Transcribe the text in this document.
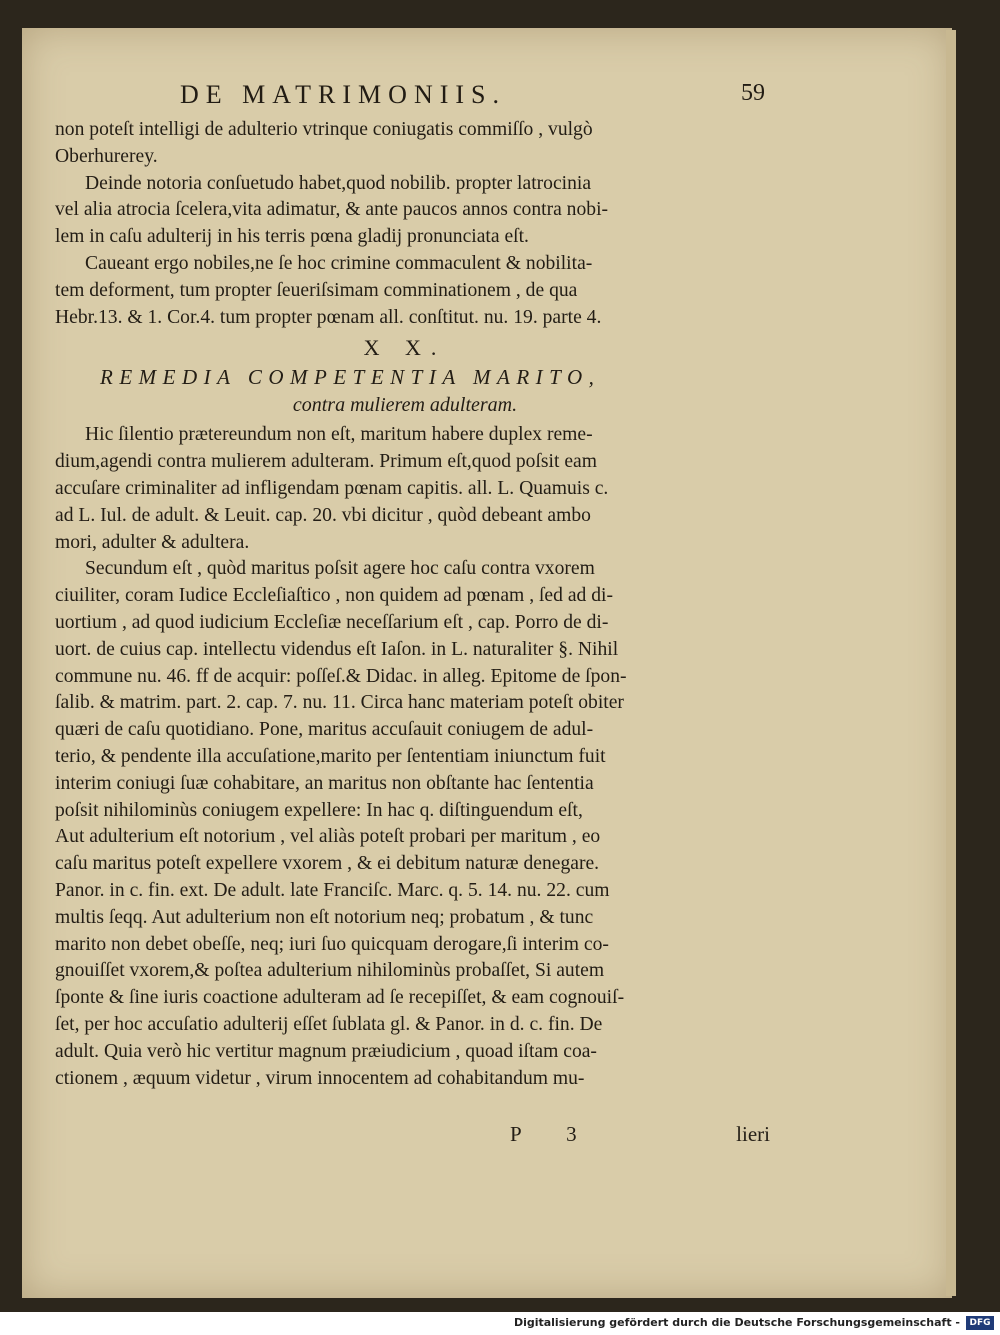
DE MATRIMONIIS.	59
non poteſt intelligi de adulterio vtrinque coniugatis commiſſo , vulgò
Oberhurerey.
Deinde notoria conſuetudo habet,quod nobilib. propter latrocinia
vel alia atrocia ſcelera,vita adimatur, & ante paucos annos contra nobi-
lem in caſu adulterij in his terris pœna gladij pronunciata eſt.
Caueant ergo nobiles,ne ſe hoc crimine commaculent & nobilita-
tem deforment, tum propter ſeueriſsimam comminationem , de qua
Hebr.13. & 1. Cor.4. tum propter pœnam all. conſtitut. nu. 19. parte 4.
X X.
REMEDIA COMPETENTIA MARITO,
contra mulierem adulteram.
Hic ſilentio prætereundum non eſt, maritum habere duplex reme-
dium,agendi contra mulierem adulteram. Primum eſt,quod poſsit eam
accuſare criminaliter ad infligendam pœnam capitis. all. L. Quamuis c.
ad L. Iul. de adult. & Leuit. cap. 20. vbi dicitur , quòd debeant ambo
mori, adulter & adultera.
Secundum eſt , quòd maritus poſsit agere hoc caſu contra vxorem
ciuiliter, coram Iudice Eccleſiaſtico , non quidem ad pœnam , ſed ad di-
uortium , ad quod iudicium Eccleſiæ neceſſarium eſt , cap. Porro de di-
uort. de cuius cap. intellectu videndus eſt Iaſon. in L. naturaliter §. Nihil
commune nu. 46. ff de acquir: poſſeſ.& Didac. in alleg. Epitome de ſpon-
ſalib. & matrim. part. 2. cap. 7. nu. 11. Circa hanc materiam poteſt obiter
quæri de caſu quotidiano. Pone, maritus accuſauit coniugem de adul-
terio, & pendente illa accuſatione,marito per ſententiam iniunctum fuit
interim coniugi ſuæ cohabitare, an maritus non obſtante hac ſententia
poſsit nihilominùs coniugem expellere: In hac q. diſtinguendum eſt,
Aut adulterium eſt notorium , vel aliàs poteſt probari per maritum , eo
caſu maritus poteſt expellere vxorem , & ei debitum naturæ denegare.
Panor. in c. fin. ext. De adult. late Franciſc. Marc. q. 5. 14. nu. 22. cum
multis ſeqq. Aut adulterium non eſt notorium neq; probatum , & tunc
marito non debet obeſſe, neq; iuri ſuo quicquam derogare,ſi interim co-
gnouiſſet vxorem,& poſtea adulterium nihilominùs probaſſet, Si autem
ſponte & ſine iuris coactione adulteram ad ſe recepiſſet, & eam cognouiſ-
ſet, per hoc accuſatio adulterij eſſet ſublata gl. & Panor. in d. c. fin. De
adult. Quia verò hic vertitur magnum præiudicium , quoad iſtam coa-
ctionem , æquum videtur , virum innocentem ad cohabitandum mu-
P 3	lieri
Digitalisierung gefördert durch die Deutsche Forschungsgemeinschaft -	DFG
